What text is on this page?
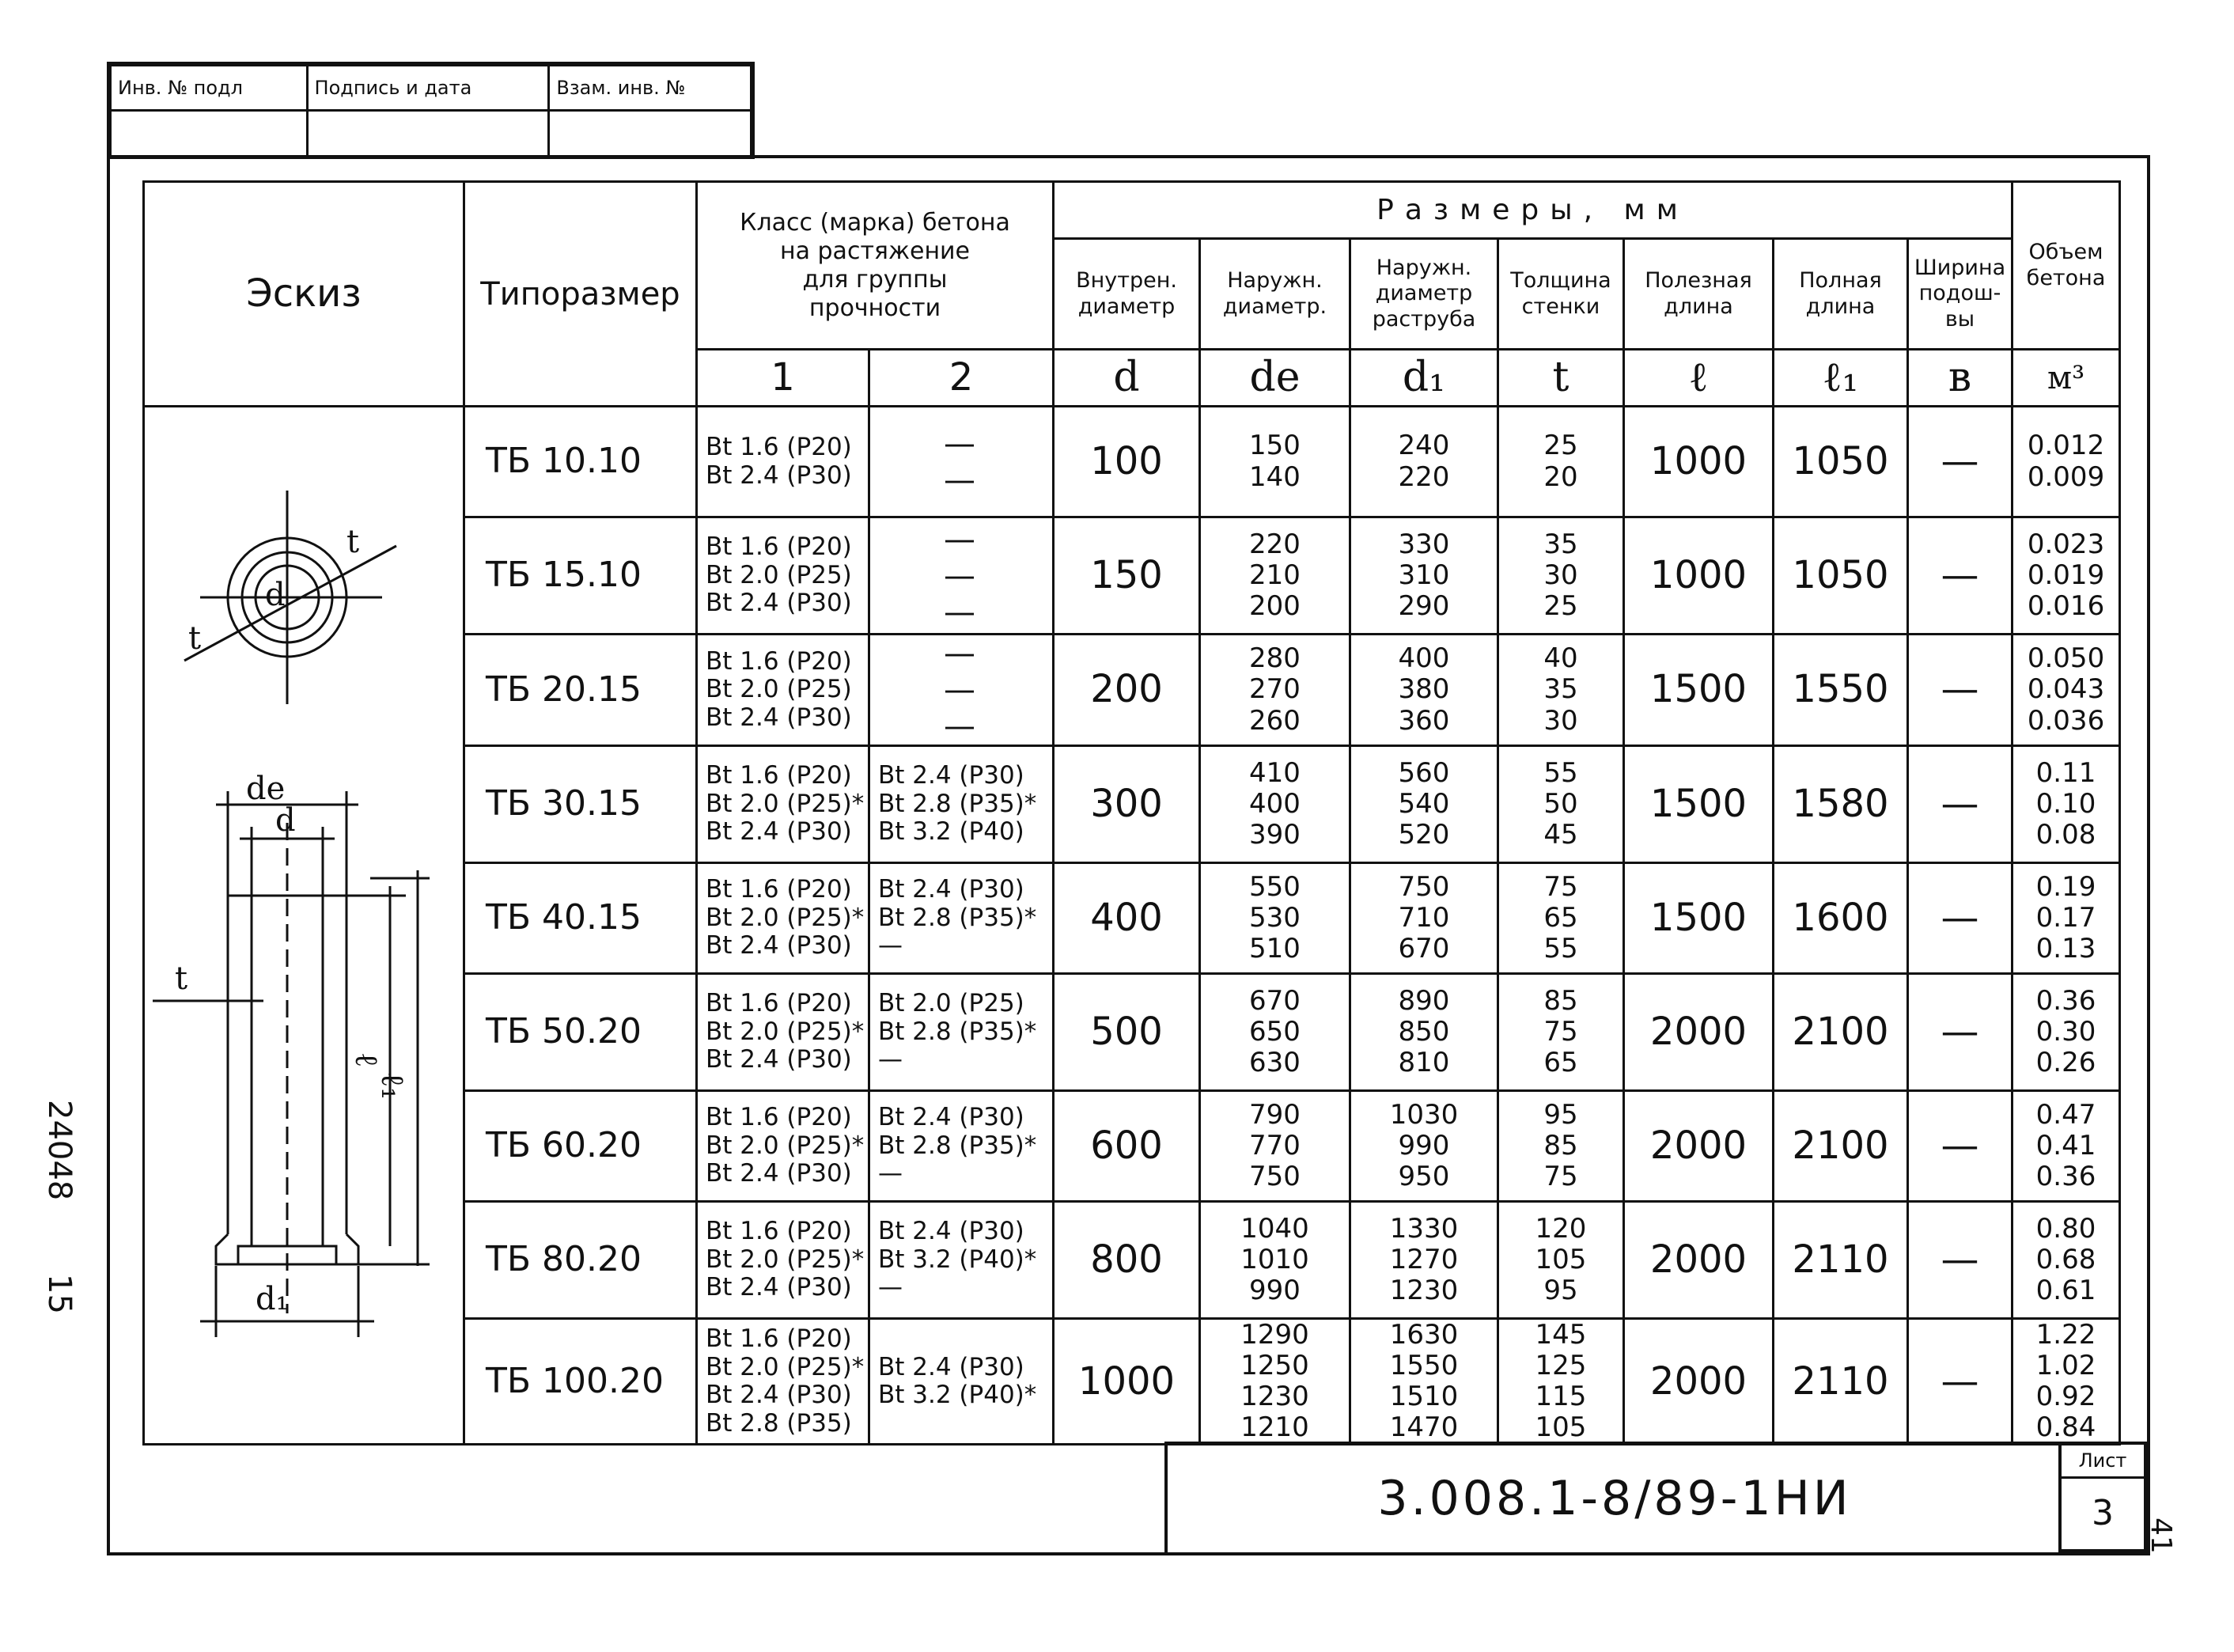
Инв. № подл	Подпись и дата	Взам. инв. №

Эскиз	Типоразмер	Класс (марка) бетона
на растяжение
для группы
прочности		Размеры, мм							Объем
бетона

				Внутрен.
диаметр	Наружн.
диаметр.	Наружн.
диаметр
раструба	Толщина
стенки	Полезная
длина	Полная
длина	Ширина
подош-
вы	

		1	2	d	de	d₁	t	ℓ	ℓ₁	в	м³
	ТБ 10.10	Bt 1.6 (P20)
Bt 2.4 (P30)	—
—	100	150
140	240
220	25
20	1000	1050	—	0.012
0.009

	ТБ 15.10	Bt 1.6 (P20)
Bt 2.0 (P25)
Bt 2.4 (P30)	—
—
—	150	220
210
200	330
310
290	35
30
25	1000	1050	—	0.023
0.019
0.016

	ТБ 20.15	Bt 1.6 (P20)
Bt 2.0 (P25)
Bt 2.4 (P30)	—
—
—	200	280
270
260	400
380
360	40
35
30	1500	1550	—	0.050
0.043
0.036

	ТБ 30.15	Bt 1.6 (P20)
Bt 2.0 (P25)*
Bt 2.4 (P30)	Bt 2.4 (P30)
Bt 2.8 (P35)*
Bt 3.2 (P40)	300	410
400
390	560
540
520	55
50
45	1500	1580	—	0.11
0.10
0.08

	ТБ 40.15	Bt 1.6 (P20)
Bt 2.0 (P25)*
Bt 2.4 (P30)	Bt 2.4 (P30)
Bt 2.8 (P35)*
—	400	550
530
510	750
710
670	75
65
55	1500	1600	—	0.19
0.17
0.13

	ТБ 50.20	Bt 1.6 (P20)
Bt 2.0 (P25)*
Bt 2.4 (P30)	Bt 2.0 (P25)
Bt 2.8 (P35)*
—	500	670
650
630	890
850
810	85
75
65	2000	2100	—	0.36
0.30
0.26

	ТБ 60.20	Bt 1.6 (P20)
Bt 2.0 (P25)*
Bt 2.4 (P30)	Bt 2.4 (P30)
Bt 2.8 (P35)*
—	600	790
770
750	1030
990
950	95
85
75	2000	2100	—	0.47
0.41
0.36

	ТБ 80.20	Bt 1.6 (P20)
Bt 2.0 (P25)*
Bt 2.4 (P30)	Bt 2.4 (P30)
Bt 3.2 (P40)*
—	800	1040
1010
990	1330
1270
1230	120
105
95	2000	2110	—	0.80
0.68
0.61

	ТБ 100.20	Bt 1.6 (P20)
Bt 2.0 (P25)*
Bt 2.4 (P30)
Bt 2.8 (P35)	Bt 2.4 (P30)
Bt 3.2 (P40)*	1000	1290
1250
1230
1210	1630
1550
1510
1470	145
125
115
105	2000	2110	—	1.22
1.02
0.92
0.84
t
t
d
de
d
t
ℓ
ℓ₁
d₁
3.008.1-8/89-1НИ
Лист
3
24048
15
41
